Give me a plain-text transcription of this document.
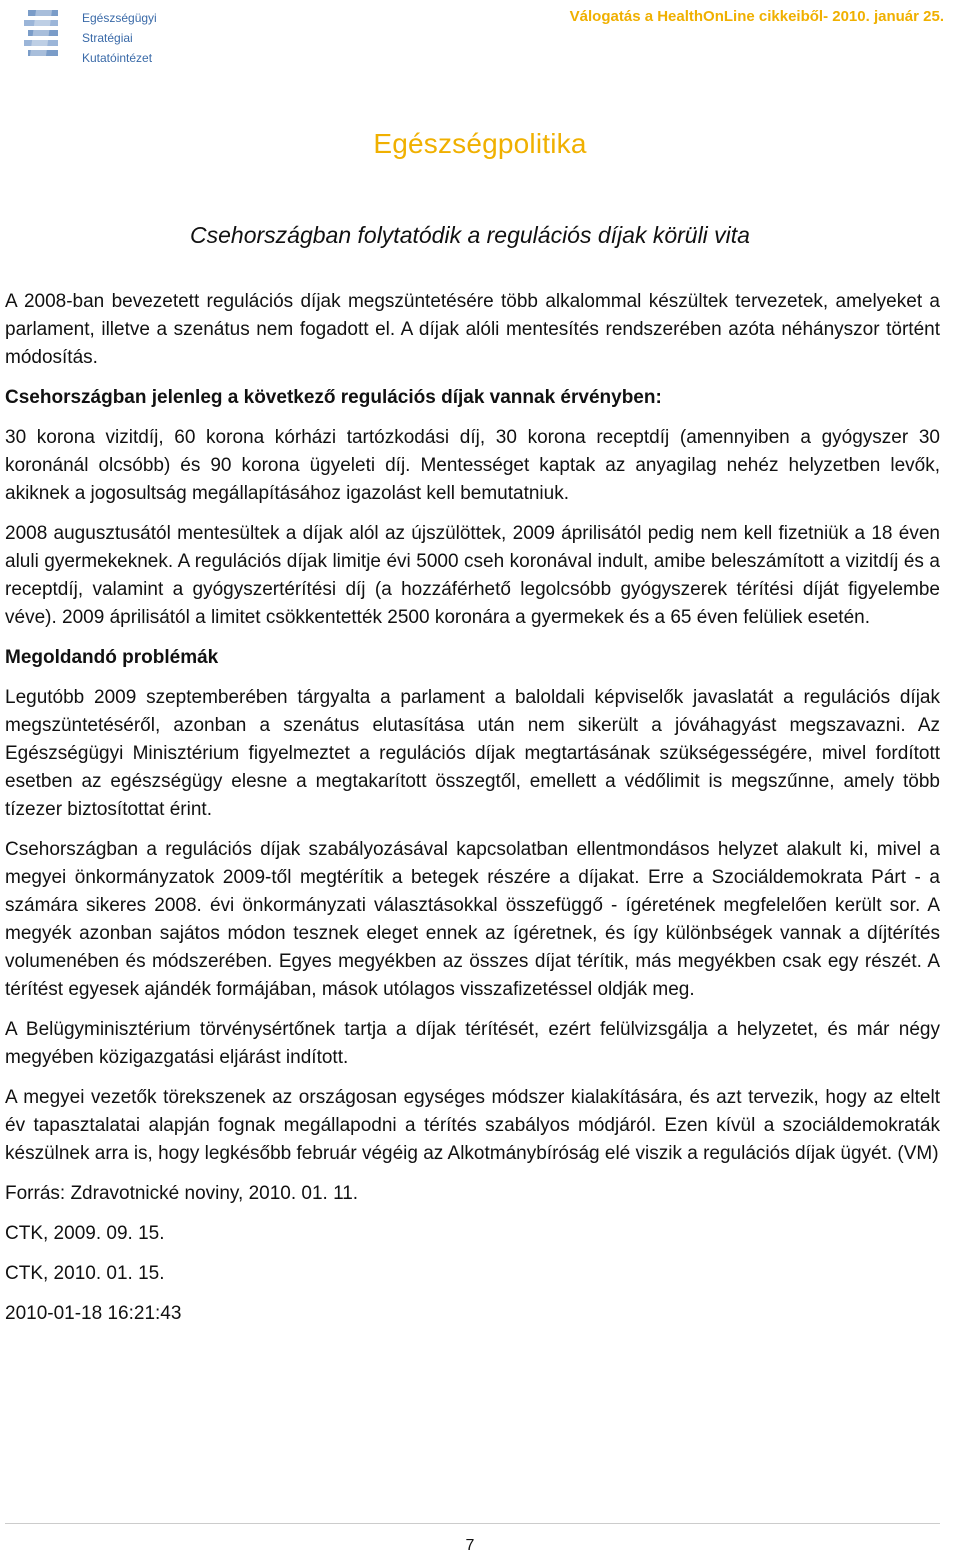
Egészségügyi
Stratégiai
Kutatóintézet
Válogatás a HealthOnLine cikkeiből- 2010. január 25.
Egészségpolitika
Csehországban folytatódik a regulációs díjak körüli vita

A 2008-ban bevezetett regulációs díjak megszüntetésére több alkalommal készültek tervezetek, amelyeket a parlament, illetve a szenátus nem fogadott el. A díjak alóli mentesítés rendszerében azóta néhányszor történt módosítás.

Csehországban jelenleg a következő regulációs díjak vannak érvényben:

30 korona vizitdíj, 60 korona kórházi tartózkodási díj, 30 korona receptdíj (amennyiben a gyógyszer 30 koronánál olcsóbb) és 90 korona ügyeleti díj. Mentességet kaptak az anyagilag nehéz helyzetben levők, akiknek a jogosultság megállapításához igazolást kell bemutatniuk.

2008 augusztusától mentesültek a díjak alól az újszülöttek, 2009 áprilisától pedig nem kell fizetniük a 18 éven aluli gyermekeknek. A regulációs díjak limitje évi 5000 cseh koronával indult, amibe beleszámított a vizitdíj és a receptdíj, valamint a gyógyszertérítési díj (a hozzáférhető legolcsóbb gyógyszerek térítési díját figyelembe véve). 2009 áprilisától a limitet csökkentették 2500 koronára a gyermekek és a 65 éven felüliek esetén.

Megoldandó problémák

Legutóbb 2009 szeptemberében tárgyalta a parlament a baloldali képviselők javaslatát a regulációs díjak megszüntetéséről, azonban a szenátus elutasítása után nem sikerült a jóváhagyást megszavazni. Az Egészségügyi Minisztérium figyelmeztet a regulációs díjak megtartásának szükségességére, mivel fordított esetben az egészségügy elesne a megtakarított összegtől, emellett a védőlimit is megszűnne, amely több tízezer biztosítottat érint.

Csehországban a regulációs díjak szabályozásával kapcsolatban ellentmondásos helyzet alakult ki, mivel a megyei önkormányzatok 2009-től megtérítik a betegek részére a díjakat. Erre a Szociáldemokrata Párt - a számára sikeres 2008. évi önkormányzati választásokkal összefüggő - ígéretének megfelelően került sor. A megyék azonban sajátos módon tesznek eleget ennek az ígéretnek, és így különbségek vannak a díjtérítés volumenében és módszerében. Egyes megyékben az összes díjat térítik, más megyékben csak egy részét. A térítést egyesek ajándék formájában, mások utólagos visszafizetéssel oldják meg.

A Belügyminisztérium törvénysértőnek tartja a díjak térítését, ezért felülvizsgálja a helyzetet, és már négy megyében közigazgatási eljárást indított.

A megyei vezetők törekszenek az országosan egységes módszer kialakítására, és azt tervezik, hogy az eltelt év tapasztalatai alapján fognak megállapodni a térítés szabályos módjáról. Ezen kívül a szociáldemokraták készülnek arra is, hogy legkésőbb február végéig az Alkotmánybíróság elé viszik a regulációs díjak ügyét. (VM)

Forrás: Zdravotnické noviny, 2010. 01. 11.

CTK, 2009. 09. 15.

CTK, 2010. 01. 15.

2010-01-18 16:21:43

7
